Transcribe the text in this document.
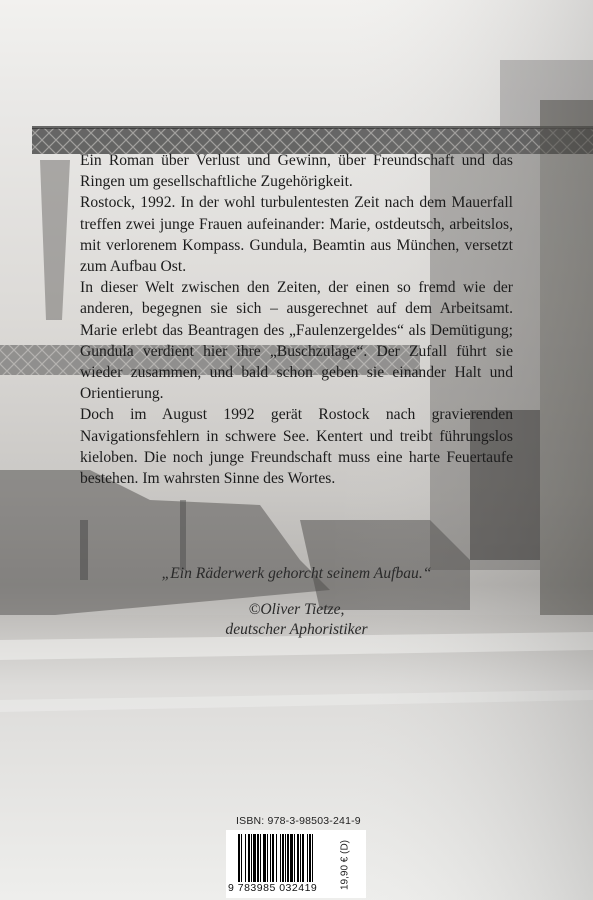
Ein Roman über Verlust und Gewinn, über Freundschaft und das Ringen um gesellschaftliche Zugehörigkeit.

Rostock, 1992. In der wohl turbulentesten Zeit nach dem Mauerfall treffen zwei junge Frauen aufeinander: Marie, ostdeutsch, arbeitslos, mit verlorenem Kompass. Gundula, Beamtin aus München, versetzt zum Aufbau Ost.

In dieser Welt zwischen den Zeiten, der einen so fremd wie der anderen, begegnen sie sich – ausgerechnet auf dem Arbeitsamt. Marie erlebt das Beantragen des „Faulenzergeldes“ als Demütigung; Gundula verdient hier ihre „Buschzulage“. Der Zufall führt sie wieder zusammen, und bald schon geben sie einander Halt und Orientierung.

Doch im August 1992 gerät Rostock nach gravierenden Navigationsfehlern in schwere See. Kentert und treibt führungslos kieloben. Die noch junge Freundschaft muss eine harte Feuertaufe bestehen. Im wahrsten Sinne des Wortes.

„Ein Räderwerk gehorcht seinem Aufbau.“
©Oliver Tietze,
deutscher Aphoristiker
ISBN: 978-3-98503-241-9
9 783985 032419	19,90 € (D)
